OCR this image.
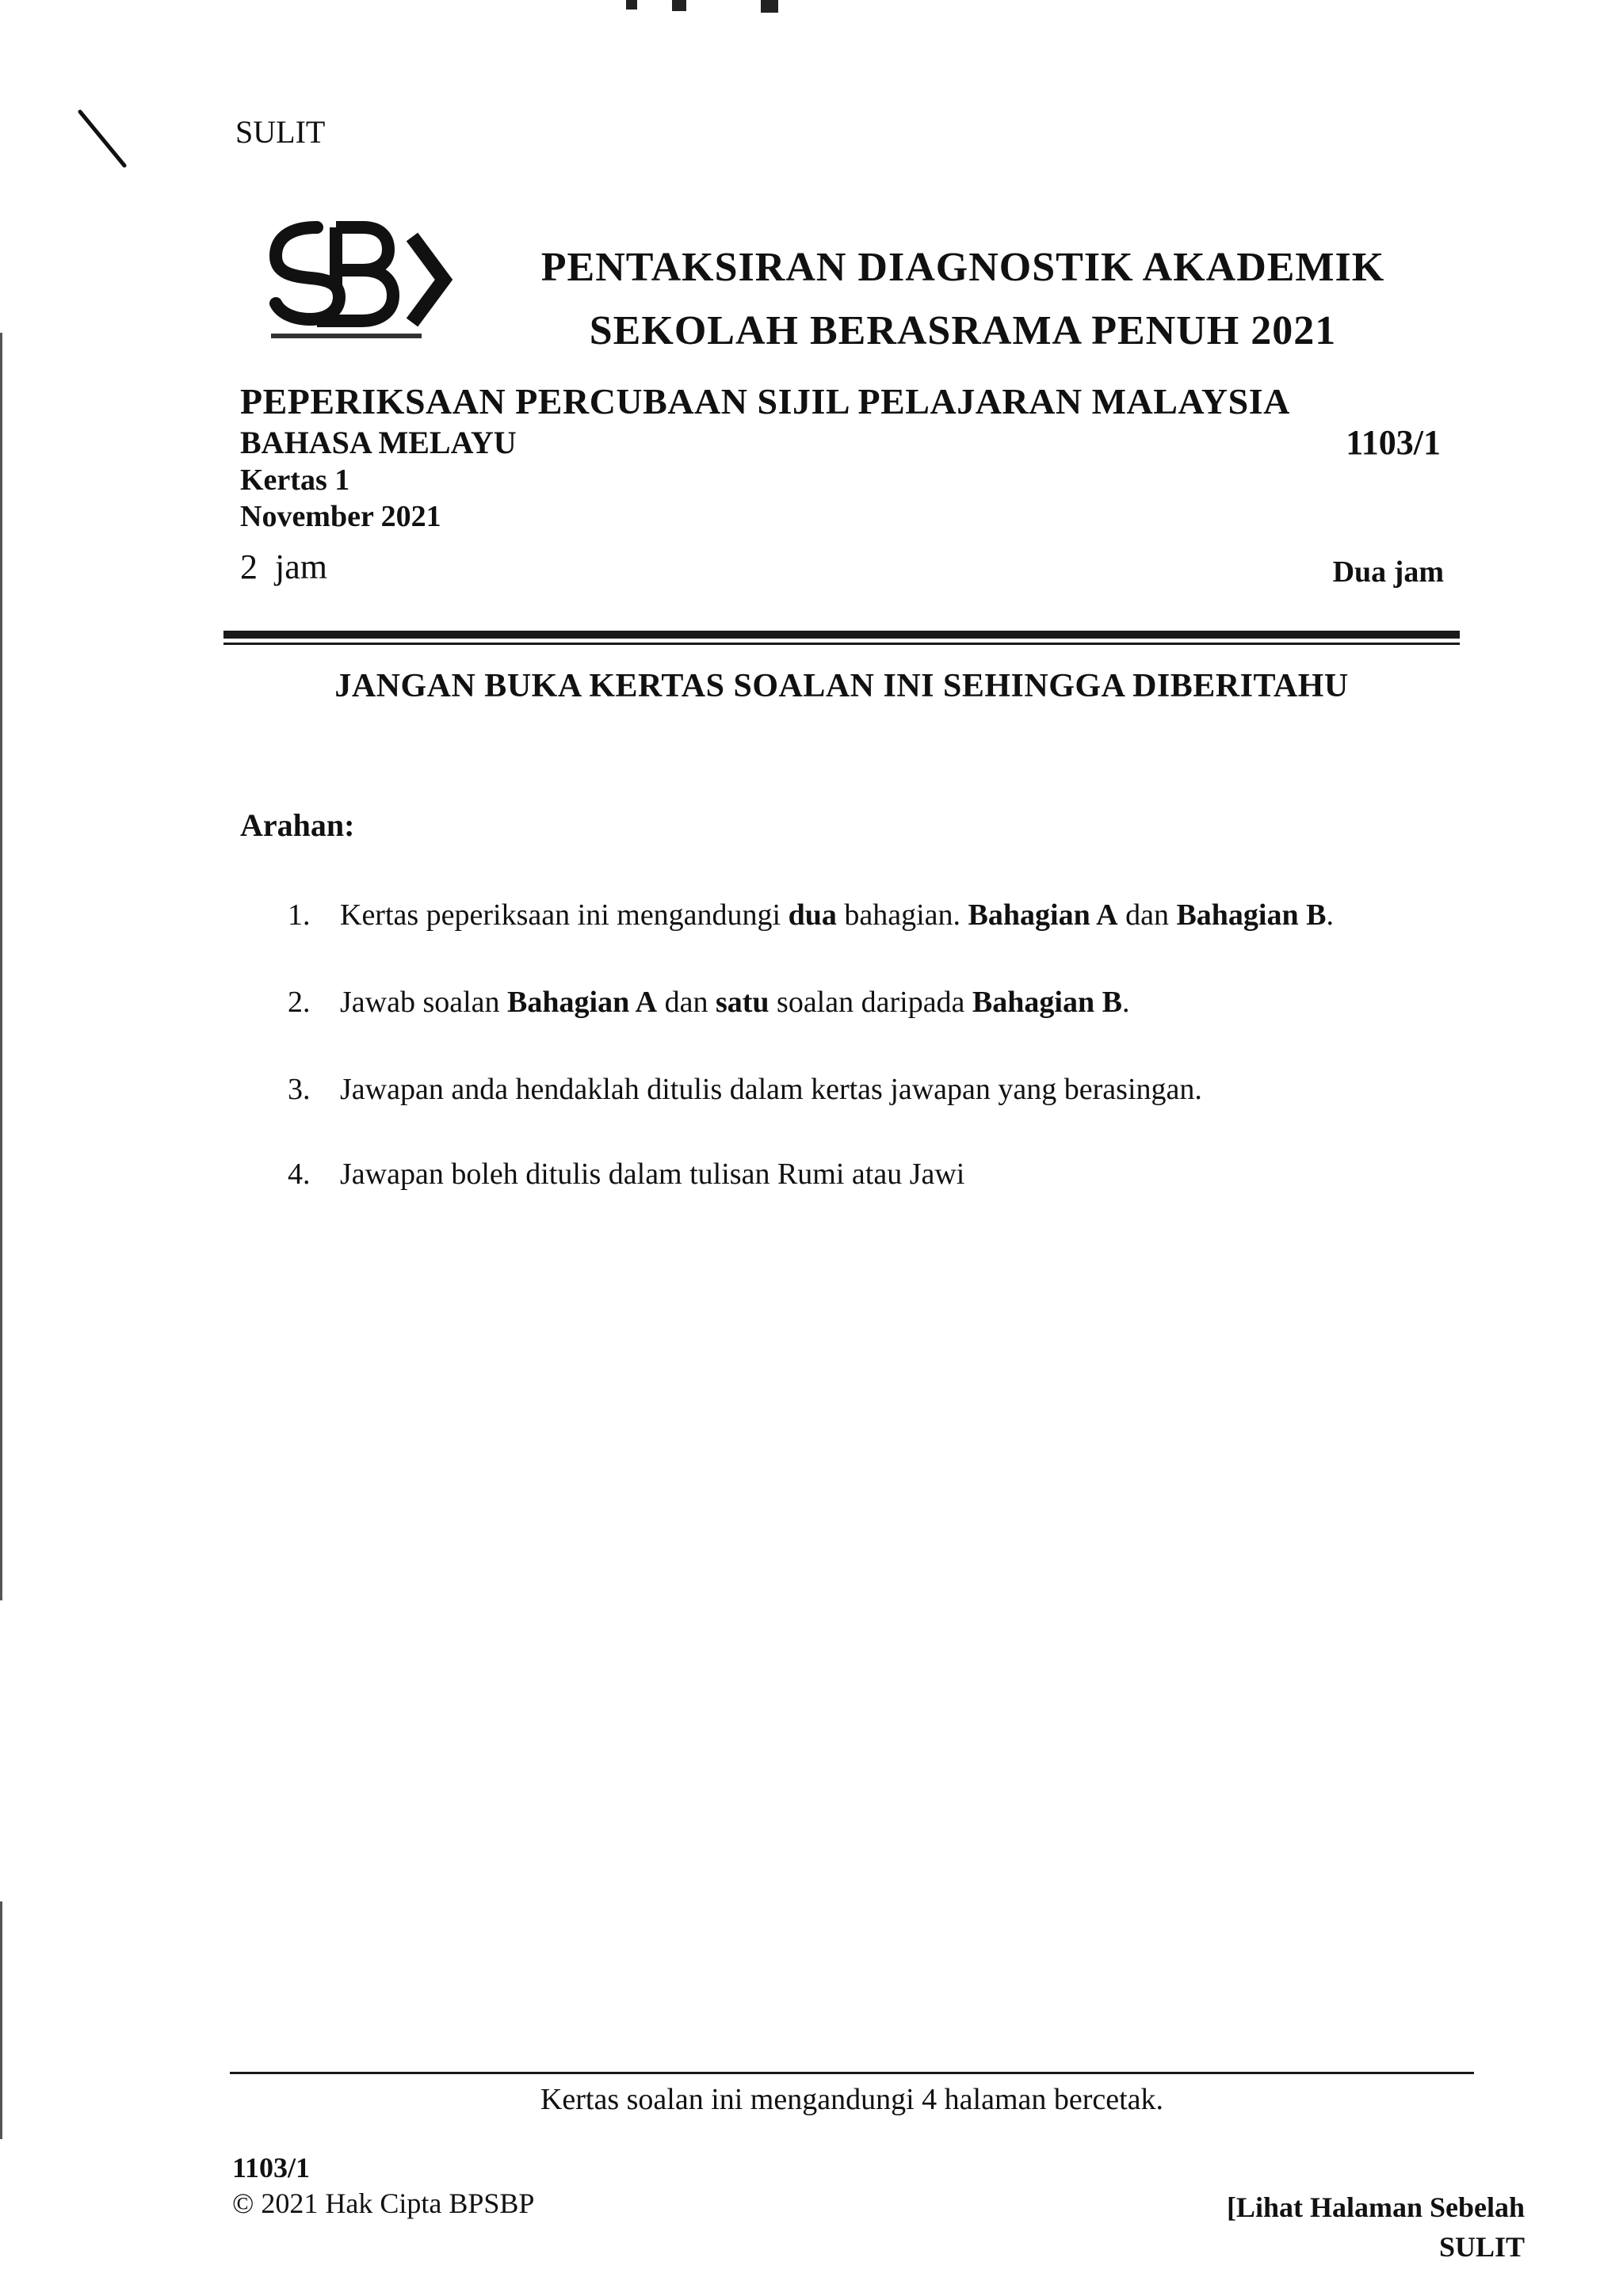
SULIT
PENTAKSIRAN DIAGNOSTIK AKADEMIK
SEKOLAH BERASRAMA PENUH 2021
PEPERIKSAAN PERCUBAAN SIJIL PELAJARAN MALAYSIA
BAHASA MELAYU	1103/1
Kertas 1
November 2021
2  jam	Dua jam
JANGAN BUKA KERTAS SOALAN INI SEHINGGA DIBERITAHU
Arahan:
1. Kertas peperiksaan ini mengandungi dua bahagian. Bahagian A dan Bahagian B.
2. Jawab soalan Bahagian A dan satu soalan daripada Bahagian B.
3. Jawapan anda hendaklah ditulis dalam kertas jawapan yang berasingan.
4. Jawapan boleh ditulis dalam tulisan Rumi atau Jawi
Kertas soalan ini mengandungi 4 halaman bercetak.
1103/1
© 2021 Hak Cipta BPSBP	[Lihat Halaman Sebelah
SULIT
